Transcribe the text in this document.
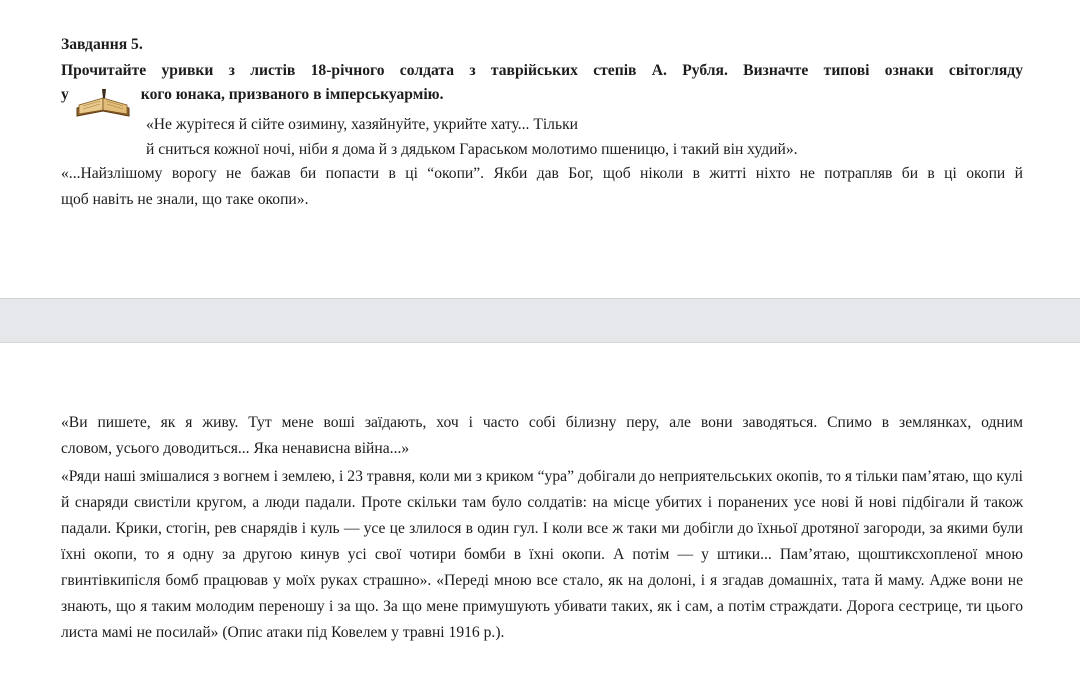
Завдання 5.
Прочитайте уривки з листів 18-річного солдата з таврійських степів А. Рубля. Визначте типові ознаки світогляду
у	кого юнака, призваного в імперськуармію.
«Не журітеся й сійте озимину, хазяйнуйте, укрийте хату... Тільки
й сниться кожної ночі, ніби я дома й з дядьком Гараськом молотимо пшеницю, і такий він худий».
«...Найзлішому ворогу не бажав би попасти в ці “окопи”. Якби дав Бог, щоб ніколи в житті ніхто не потрапляв би в ці окопи й
щоб навіть не знали, що таке окопи».
«Ви пишете, як я живу. Тут мене воші заїдають, хоч і часто собі білизну перу, але вони заводяться. Спимо в землянках, одним
словом, усього доводиться... Яка ненависна війна...»
«Ряди наші змішалися з вогнем і землею, і 23 травня, коли ми з криком “ура” добігали до неприятельських окопів, то я тільки пам’ятаю, що кулі й снаряди свистіли кругом, а люди падали. Проте скільки там було солдатів: на місце убитих і поранених усе нові й нові підбігали й також падали. Крики, стогін, рев снарядів і куль — усе це злилося в один гул. І коли все ж таки ми добігли до їхньої дротяної загороди, за якими були їхні окопи, то я одну за другою кинув усі свої чотири бомби в їхні окопи. А потім — у штики... Пам’ятаю, щоштиксхопленої мною гвинтівкипісля бомб працював у моїх руках страшно». «Переді мною все стало, як на долоні, і я згадав домашніх, тата й маму. Адже вони не знають, що я таким молодим переношу і за що. За що мене примушують убивати таких, як і сам, а потім страждати. Дорога сестрице, ти цього листа мамі не посилай» (Опис атаки під Ковелем у травні 1916 р.).
